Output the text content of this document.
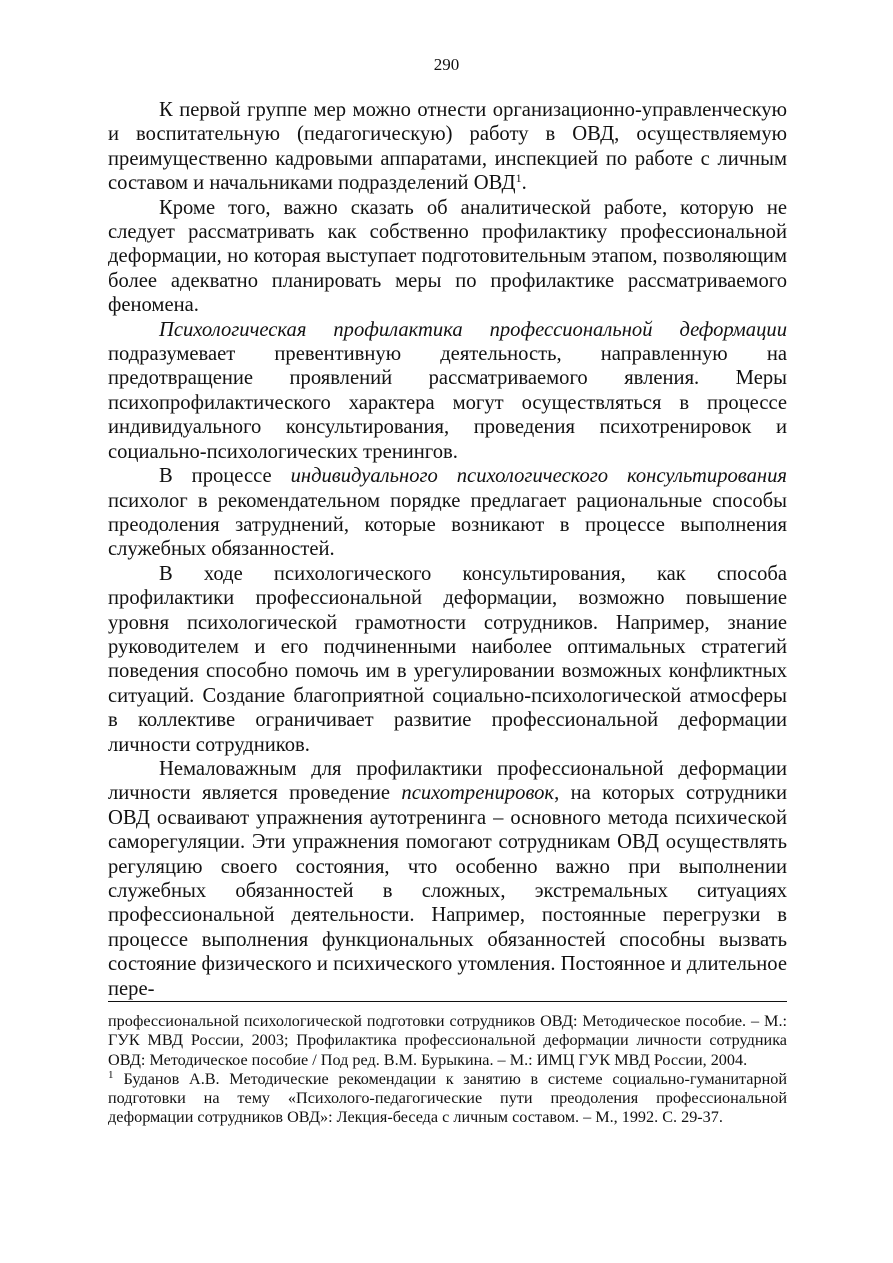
290

К первой группе мер можно отнести организационно-управленческую и воспитательную (педагогическую) работу в ОВД, осуществляемую преимущественно кадровыми аппаратами, инспекцией по работе с личным составом и начальниками подразделений ОВД$^1$.

Кроме того, важно сказать об аналитической работе, которую не следует рассматривать как собственно профилактику профессиональной деформации, но которая выступает подготовительным этапом, позволяющим более адекватно планировать меры по профилактике рассматриваемого феномена.

Психологическая профилактика профессиональной деформации подразумевает превентивную деятельность, направленную на предотвращение проявлений рассматриваемого явления. Меры психопрофилактического характера могут осуществляться в процессе индивидуального консультирования, проведения психотренировок и социально-психологических тренингов.

В процессе индивидуального психологического консультирования психолог в рекомендательном порядке предлагает рациональные способы преодоления затруднений, которые возникают в процессе выполнения служебных обязанностей.

В ходе психологического консультирования, как способа профилактики профессиональной деформации, возможно повышение уровня психологической грамотности сотрудников. Например, знание руководителем и его подчиненными наиболее оптимальных стратегий поведения способно помочь им в урегулировании возможных конфликтных ситуаций. Создание благоприятной социально-психологической атмосферы в коллективе ограничивает развитие профессиональной деформации личности сотрудников.

Немаловажным для профилактики профессиональной деформации личности является проведение психотренировок, на которых сотрудники ОВД осваивают упражнения аутотренинга – основного метода психической саморегуляции. Эти упражнения помогают сотрудникам ОВД осуществлять регуляцию своего состояния, что особенно важно при выполнении служебных обязанностей в сложных, экстремальных ситуациях профессиональной деятельности. Например, постоянные перегрузки в процессе выполнения функциональных обязанностей способны вызвать состояние физического и психического утомления. Постоянное и длительное пере-

профессиональной психологической подготовки сотрудников ОВД: Методическое пособие. – М.: ГУК МВД России, 2003; Профилактика профессиональной деформации личности сотрудника ОВД: Методическое пособие / Под ред. В.М. Бурыкина. – М.: ИМЦ ГУК МВД России, 2004.

$^1$ Буданов А.В. Методические рекомендации к занятию в системе социально-гуманитарной подготовки на тему «Психолого-педагогические пути преодоления профессиональной деформации сотрудников ОВД»: Лекция-беседа с личным составом. – М., 1992. С. 29-37.
